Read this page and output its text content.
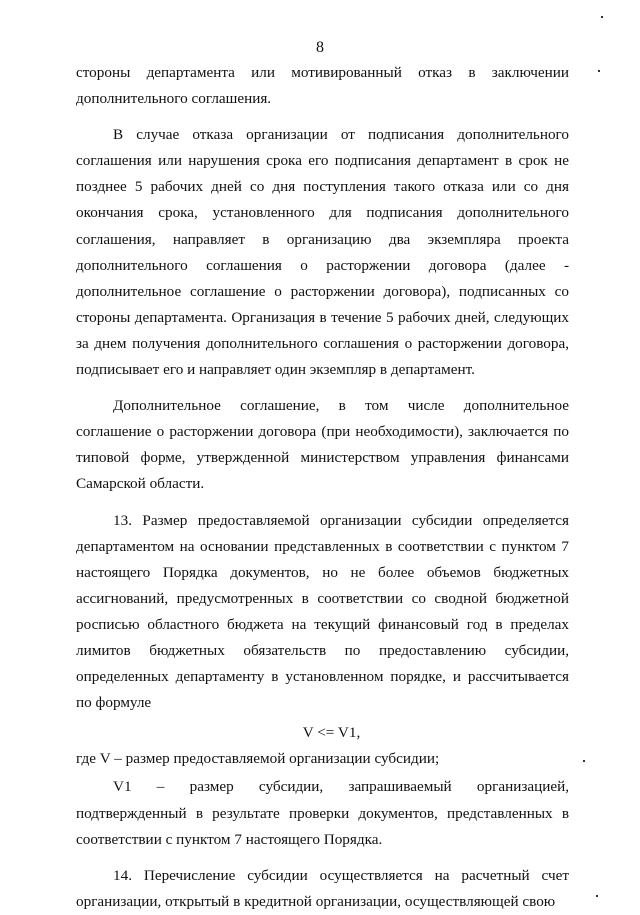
8

стороны департамента или мотивированный отказ в заключении дополнительного соглашения.

В случае отказа организации от подписания дополнительного соглашения или нарушения срока его подписания департамент в срок не позднее 5 рабочих дней со дня поступления такого отказа или со дня окончания срока, установленного для подписания дополнительного соглашения, направляет в организацию два экземпляра проекта дополнительного соглашения о расторжении договора (далее - дополнительное соглашение о расторжении договора), подписанных со стороны департамента. Организация в течение 5 рабочих дней, следующих за днем получения дополнительного соглашения о расторжении договора, подписывает его и направляет один экземпляр в департамент.

Дополнительное соглашение, в том числе дополнительное соглашение о расторжении договора (при необходимости), заключается по типовой форме, утвержденной министерством управления финансами Самарской области.

13. Размер предоставляемой организации субсидии определяется департаментом на основании представленных в соответствии с пунктом 7 настоящего Порядка документов, но не более объемов бюджетных ассигнований, предусмотренных в соответствии со сводной бюджетной росписью областного бюджета на текущий финансовый год в пределах лимитов бюджетных обязательств по предоставлению субсидии, определенных департаменту в установленном порядке, и рассчитывается по формуле

V <= V1,

где V – размер предоставляемой организации субсидии;

V1 – размер субсидии, запрашиваемый организацией, подтвержденный в результате проверки документов, представленных в соответствии с пунктом 7 настоящего Порядка.

14. Перечисление субсидии осуществляется на расчетный счет организации, открытый в кредитной организации, осуществляющей свою
